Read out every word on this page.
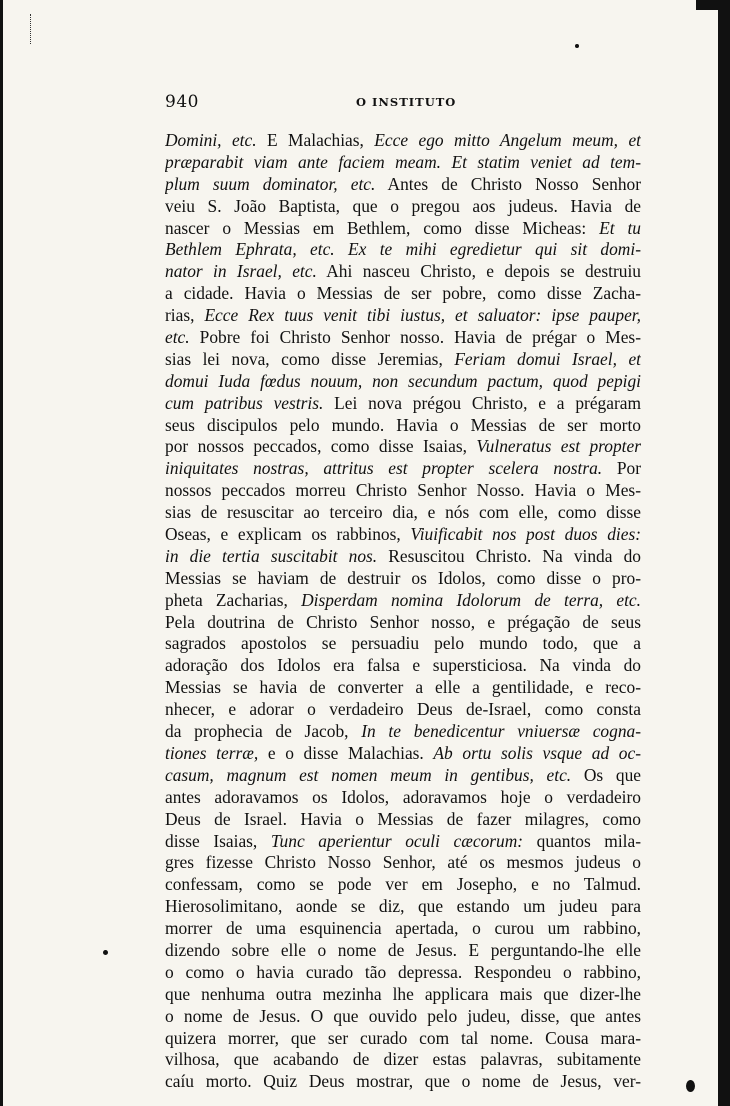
940	O INSTITUTO
Domini, etc. E Malachias, Ecce ego mitto Angelum meum, et
præparabit viam ante faciem meam. Et statim veniet ad tem-
plum suum dominator, etc. Antes de Christo Nosso Senhor
veiu S. João Baptista, que o pregou aos judeus. Havia de
nascer o Messias em Bethlem, como disse Micheas: Et tu
Bethlem Ephrata, etc. Ex te mihi egredietur qui sit domi-
nator in Israel, etc. Ahi nasceu Christo, e depois se destruiu
a cidade. Havia o Messias de ser pobre, como disse Zacha-
rias, Ecce Rex tuus venit tibi iustus, et saluator: ipse pauper,
etc. Pobre foi Christo Senhor nosso. Havia de prégar o Mes-
sias lei nova, como disse Jeremias, Feriam domui Israel, et
domui Iuda fœdus nouum, non secundum pactum, quod pepigi
cum patribus vestris. Lei nova prégou Christo, e a prégaram
seus discipulos pelo mundo. Havia o Messias de ser morto
por nossos peccados, como disse Isaias, Vulneratus est propter
iniquitates nostras, attritus est propter scelera nostra. Por
nossos peccados morreu Christo Senhor Nosso. Havia o Mes-
sias de resuscitar ao terceiro dia, e nós com elle, como disse
Oseas, e explicam os rabbinos, Viuificabit nos post duos dies:
in die tertia suscitabit nos. Resuscitou Christo. Na vinda do
Messias se haviam de destruir os Idolos, como disse o pro-
pheta Zacharias, Disperdam nomina Idolorum de terra, etc.
Pela doutrina de Christo Senhor nosso, e prégação de seus
sagrados apostolos se persuadiu pelo mundo todo, que a
adoração dos Idolos era falsa e supersticiosa. Na vinda do
Messias se havia de converter a elle a gentilidade, e reco-
nhecer, e adorar o verdadeiro Deus de-Israel, como consta
da prophecia de Jacob, In te benedicentur vniuersæ cogna-
tiones terræ, e o disse Malachias. Ab ortu solis vsque ad oc-
casum, magnum est nomen meum in gentibus, etc. Os que
antes adoravamos os Idolos, adoravamos hoje o verdadeiro
Deus de Israel. Havia o Messias de fazer milagres, como
disse Isaias, Tunc aperientur oculi cæcorum: quantos mila-
gres fizesse Christo Nosso Senhor, até os mesmos judeus o
confessam, como se pode ver em Josepho, e no Talmud.
Hierosolimitano, aonde se diz, que estando um judeu para
morrer de uma esquinencia apertada, o curou um rabbino,
dizendo sobre elle o nome de Jesus. E perguntando-lhe elle
o como o havia curado tão depressa. Respondeu o rabbino,
que nenhuma outra mezinha lhe applicara mais que dizer-lhe
o nome de Jesus. O que ouvido pelo judeu, disse, que antes
quizera morrer, que ser curado com tal nome. Cousa mara-
vilhosa, que acabando de dizer estas palavras, subitamente
caíu morto. Quiz Deus mostrar, que o nome de Jesus, ver-
